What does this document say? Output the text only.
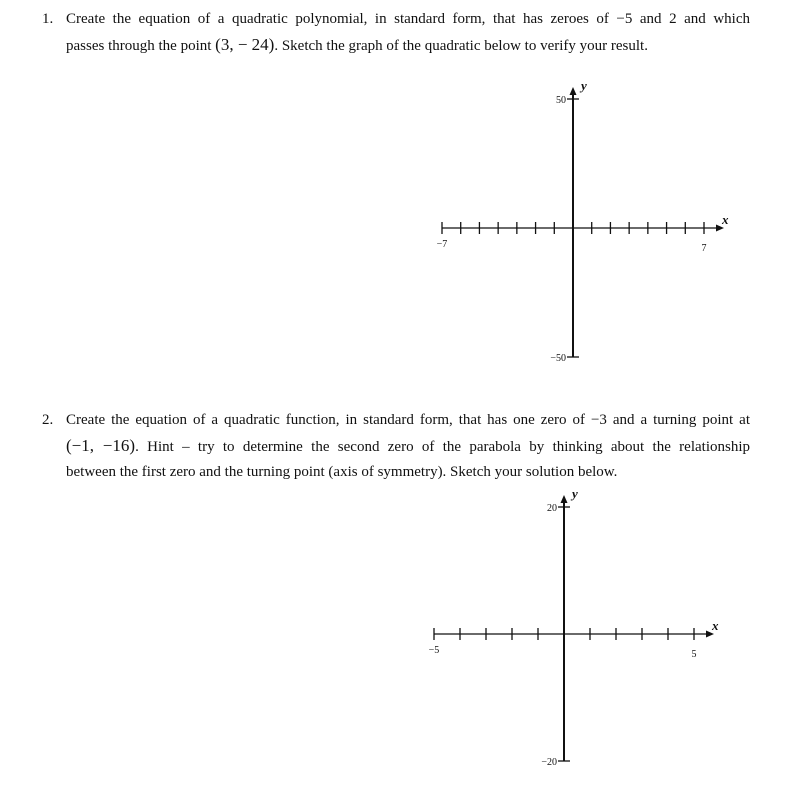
1. Create the equation of a quadratic polynomial, in standard form, that has zeroes of −5 and 2 and which
passes through the point (3, − 24). Sketch the graph of the quadratic below to verify your result.
−7	7
50
−50
x
y
2. Create the equation of a quadratic function, in standard form, that has one zero of −3 and a turning point at
(−1, −16). Hint – try to determine the second zero of the parabola by thinking about the relationship
between the first zero and the turning point (axis of symmetry). Sketch your solution below.
−5	5
20
−20
x
y
